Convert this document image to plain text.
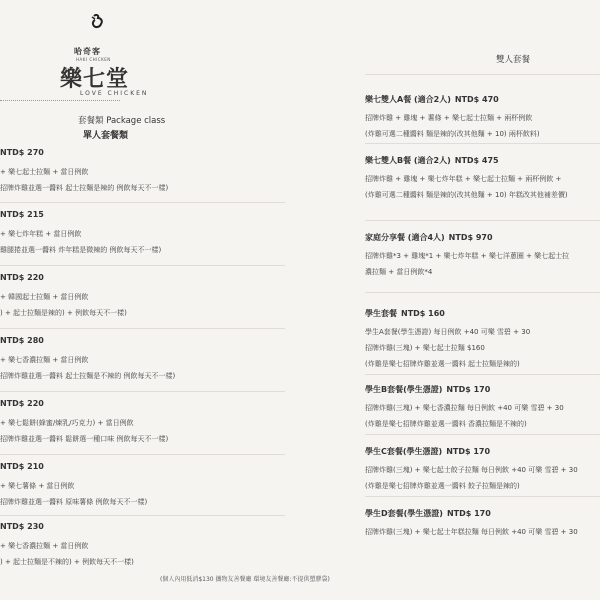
哈奇客
HAKI CHICKEN
樂七堂
LOVE CHICKEN
套餐類 Package class
單人套餐類
NTD$ 270
+ 樂七起士拉麵 + 當日例飲
招牌炸雞並選一醬料 起士拉麵是辣的 例飲每天不一樣)
NTD$ 215
+ 樂七炸年糕 + 當日例飲
雞腿捲並選一醬料 炸年糕是微辣的 例飲每天不一樣)
NTD$ 220
+ 韓國起士拉麵 + 當日例飲
) + 起士拉麵是辣的) + 例飲每天不一樣)
NTD$ 280
+ 樂七香濃拉麵 + 當日例飲
招牌炸雞並選一醬料 起士拉麵是不辣的 例飲每天不一樣)
NTD$ 220
+ 樂七鬆餅(蜂蜜/煉乳/巧克力) + 當日例飲
招牌炸雞並選一醬料 鬆餅選一種口味 例飲每天不一樣)
NTD$ 210
+ 樂七薯條 + 當日例飲
招牌炸雞並選一醬料 原味薯條 例飲每天不一樣)
NTD$ 230
+ 樂七香濃拉麵 + 當日例飲
) + 起士拉麵是不辣的) + 例飲每天不一樣)
雙人套餐
樂七雙人A餐 (適合2人) NTD$ 470
招牌炸雞 + 雞塊 + 薯條 + 樂七起士拉麵 + 兩杯例飲
(炸雞可選二種醬料 麵是辣的(改其他麵 + 10) 兩杯飲料)
樂七雙人B餐 (適合2人) NTD$ 475
招牌炸雞 + 雞塊 + 樂七炸年糕 + 樂七起士拉麵 + 兩杯例飲 +
(炸雞可選二種醬料 麵是辣的(改其他麵 + 10) 年糕改其他補差價)
家庭分享餐 (適合4人) NTD$ 970
招牌炸雞*3 + 雞塊*1 + 樂七炸年糕 + 樂七洋蔥圈 + 樂七起士拉
濃拉麵 + 當日例飲*4
學生套餐 NTD$ 160
學生A套餐(學生憑證) 每日例飲 +40 可樂 雪碧 + 30
招牌炸雞(三塊) + 樂七起士拉麵 $160
(炸雞是樂七招牌炸雞並選一醬料 起士拉麵是辣的)
學生B套餐(學生憑證) NTD$ 170
招牌炸雞(三塊) + 樂七香濃拉麵 每日例飲 +40 可樂 雪碧 + 30
(炸雞是樂七招牌炸雞並選一醬料 香濃拉麵是不辣的)
學生C套餐(學生憑證) NTD$ 170
招牌炸雞(三塊) + 樂七起士餃子拉麵 每日例飲 +40 可樂 雪碧 + 30
(炸雞是樂七招牌炸雞並選一醬料 餃子拉麵是辣的)
學生D套餐(學生憑證) NTD$ 170
招牌炸雞(三塊) + 樂七起士年糕拉麵 每日例飲 +40 可樂 雪碧 + 30
(個人內用低消$130 攜物友善餐廳 環境友善餐廳:不提供塑膠袋)
